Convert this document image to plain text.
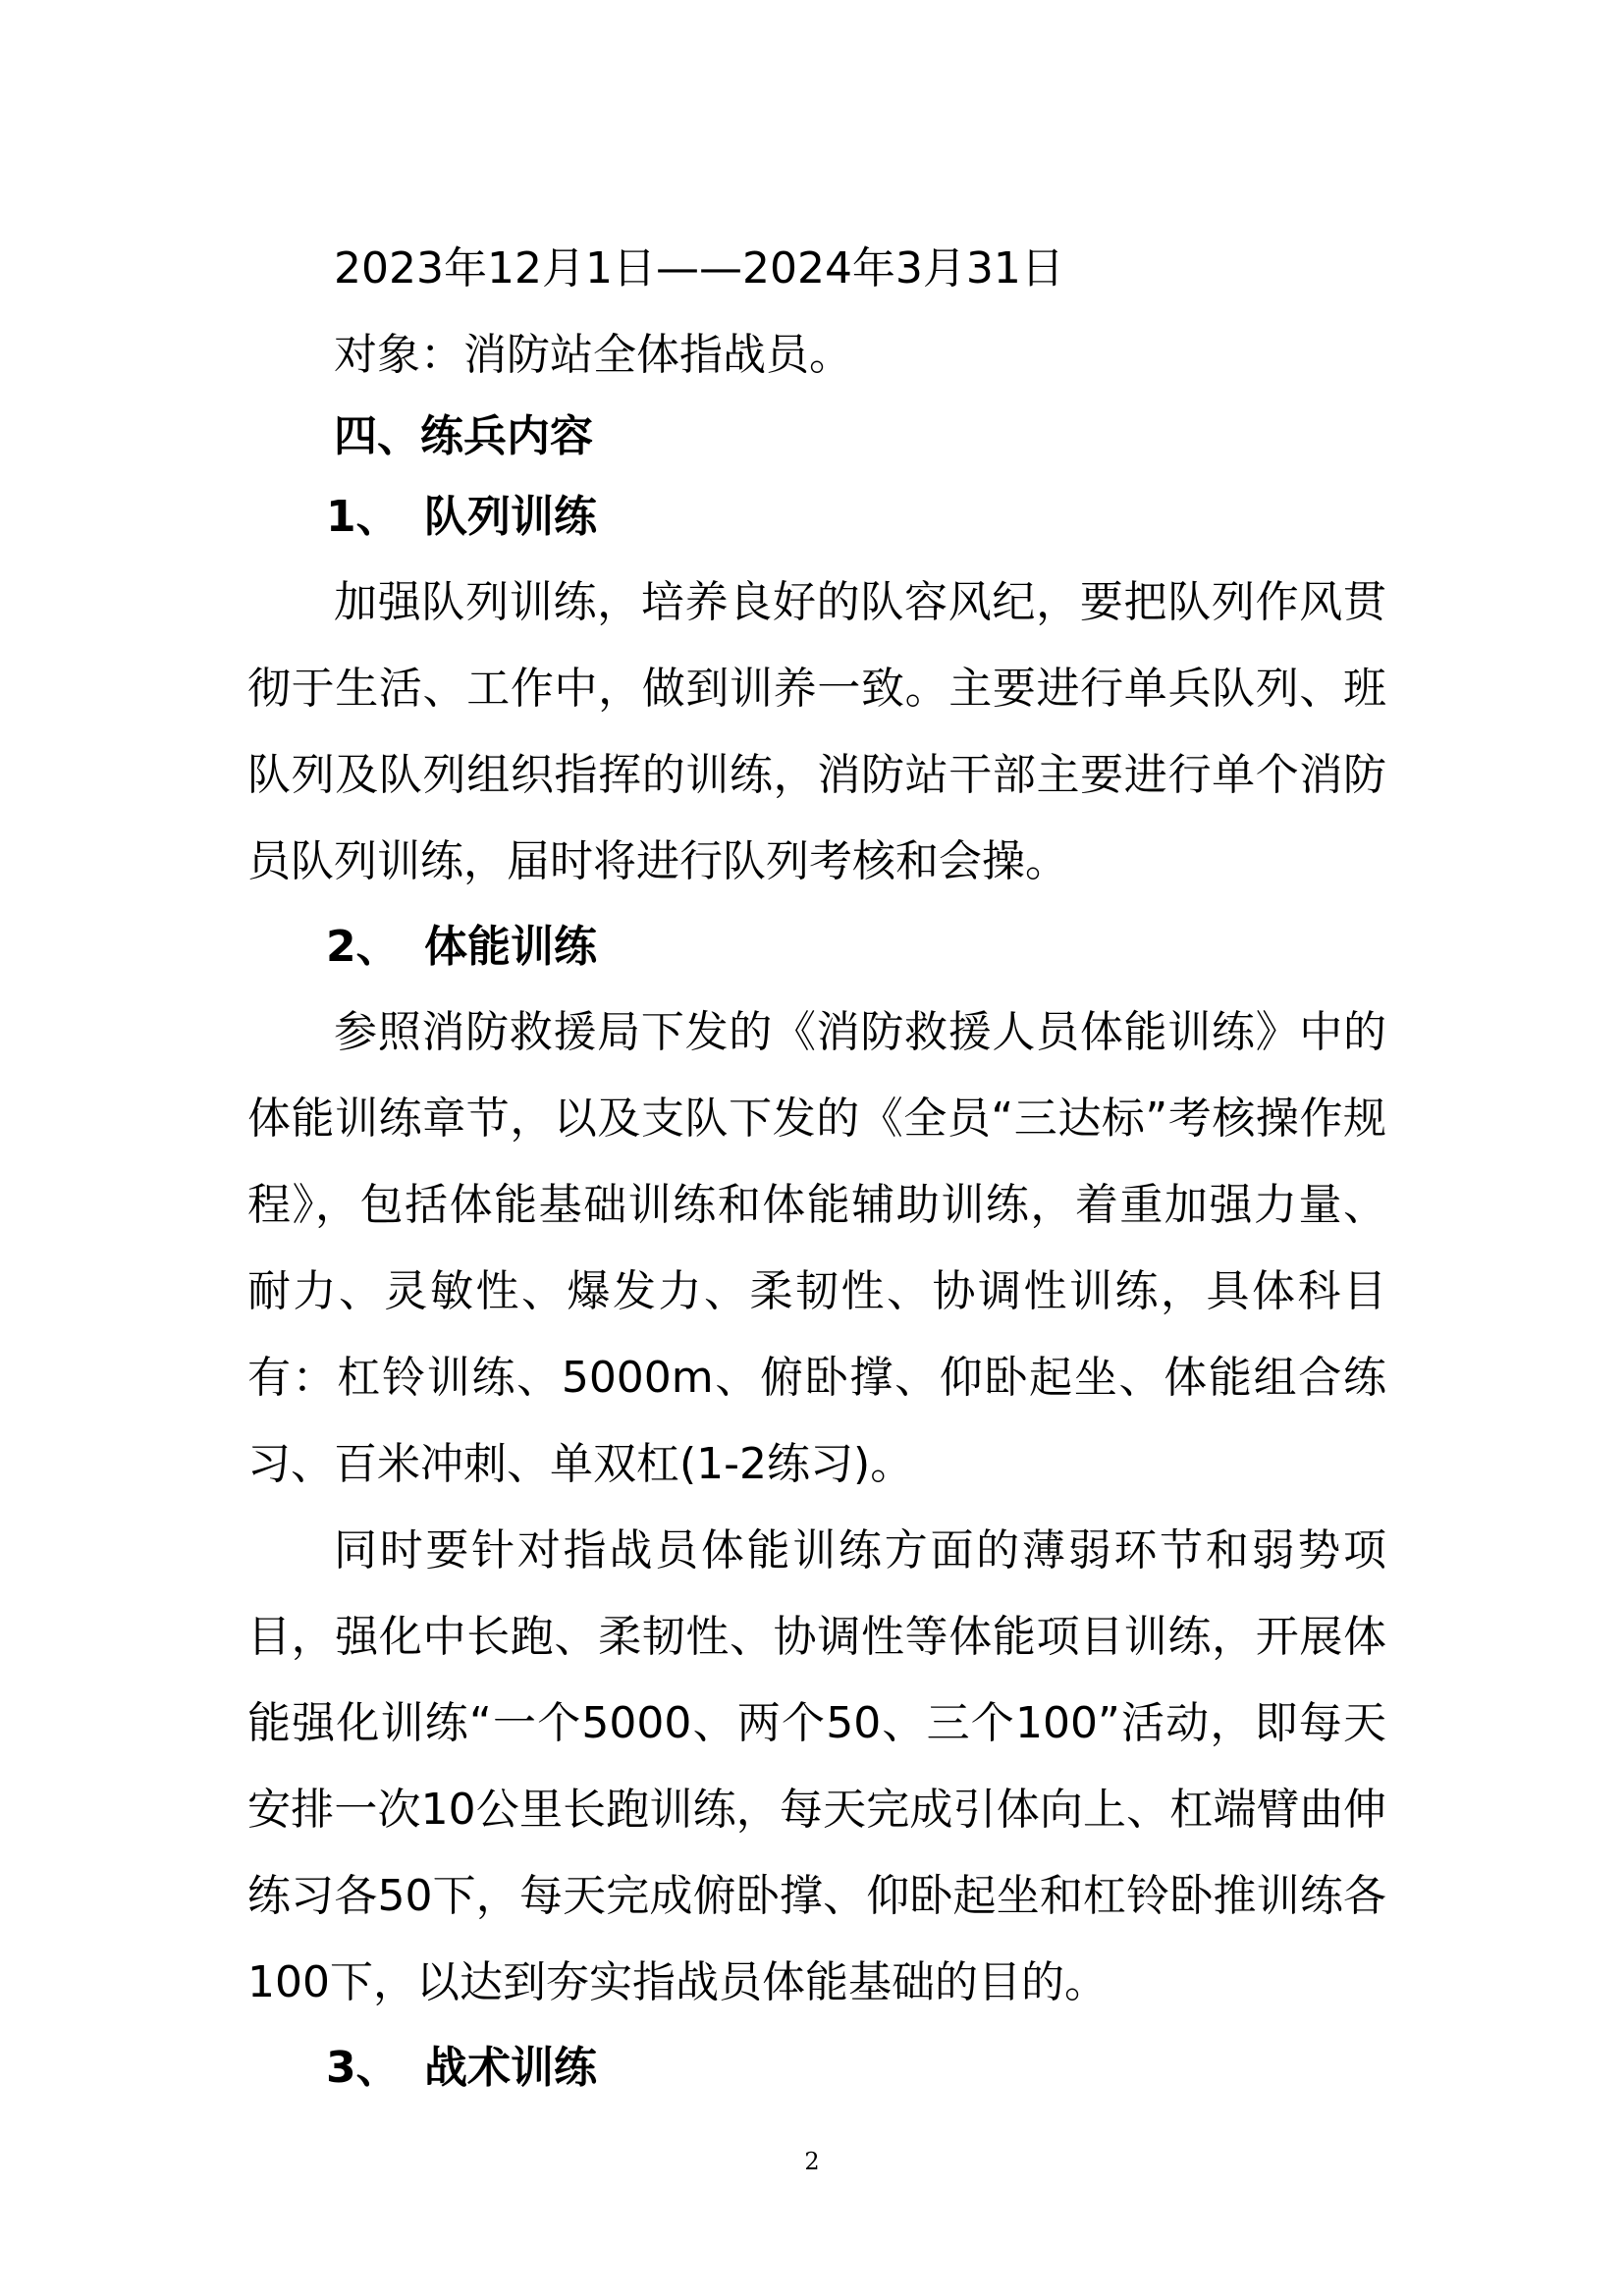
2023年12月1日——2024年3月31日

对象：消防站全体指战员。

四、练兵内容

1、 队列训练

加强队列训练，培养良好的队容风纪，要把队列作风贯彻于生活、工作中，做到训养一致。主要进行单兵队列、班队列及队列组织指挥的训练，消防站干部主要进行单个消防员队列训练，届时将进行队列考核和会操。

2、 体能训练

参照消防救援局下发的《消防救援人员体能训练》中的体能训练章节，以及支队下发的《全员“三达标”考核操作规程》，包括体能基础训练和体能辅助训练，着重加强力量、耐力、灵敏性、爆发力、柔韧性、协调性训练，具体科目有：杠铃训练、5000m、俯卧撑、仰卧起坐、体能组合练习、百米冲刺、单双杠(1-2练习)。

同时要针对指战员体能训练方面的薄弱环节和弱势项目，强化中长跑、柔韧性、协调性等体能项目训练，开展体能强化训练“一个5000、两个50、三个100”活动，即每天安排一次10公里长跑训练，每天完成引体向上、杠端臂曲伸练习各50下，每天完成俯卧撑、仰卧起坐和杠铃卧推训练各100下，以达到夯实指战员体能基础的目的。

3、 战术训练

2
